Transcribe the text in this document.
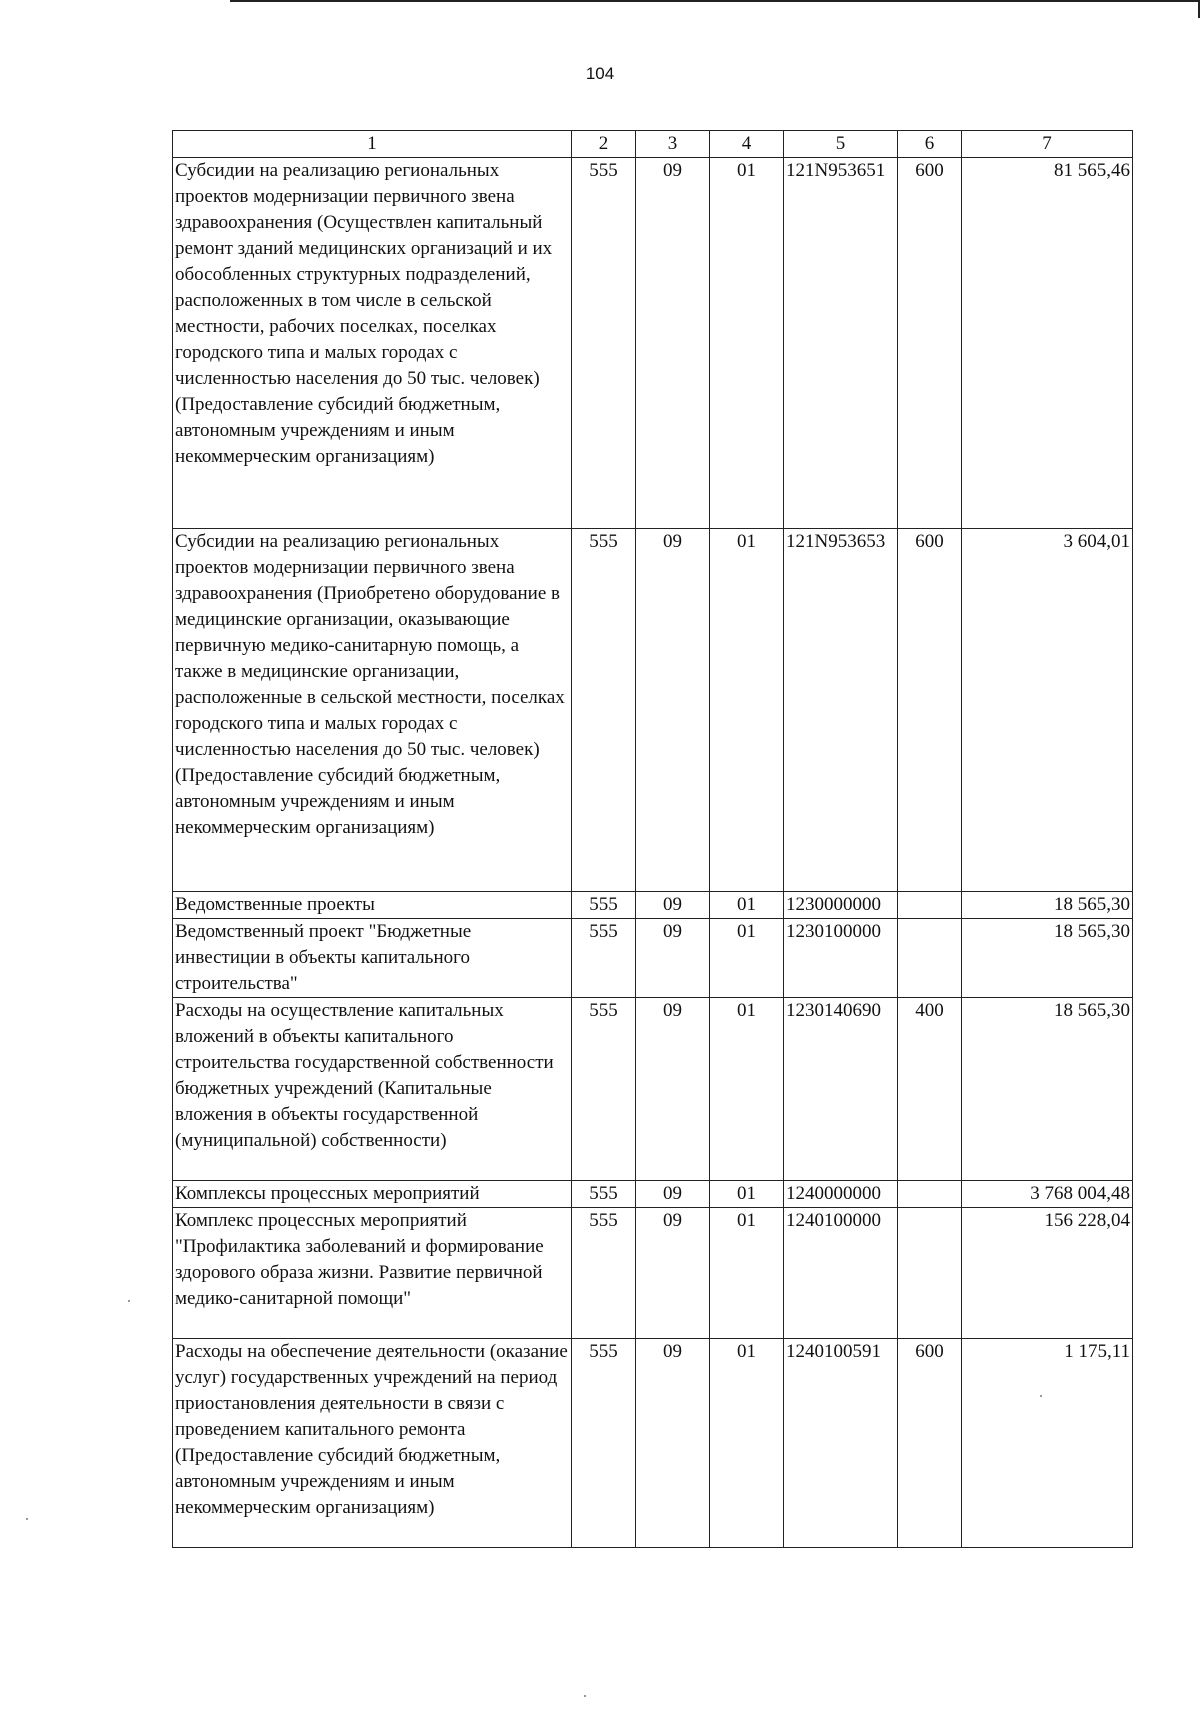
104
1	2	3	4	5	6	7
Субсидии на реализацию региональных проектов модернизации первичного звена здравоохранения (Осуществлен капитальный ремонт зданий медицинских организаций и их обособленных структурных подразделений, расположенных в том числе в сельской местности, рабочих поселках, поселках городского типа и малых городах с численностью населения до 50 тыс. человек) (Предоставление субсидий бюджетным, автономным учреждениям и иным некоммерческим организациям)	555	09	01	121N953651	600	81 565,46
Субсидии на реализацию региональных проектов модернизации первичного звена здравоохранения (Приобретено оборудование в медицинские организации, оказывающие первичную медико-санитарную помощь, а также в медицинские организации, расположенные в сельской местности, поселках городского типа и малых городах с численностью населения до 50 тыс. человек) (Предоставление субсидий бюджетным, автономным учреждениям и иным некоммерческим организациям)	555	09	01	121N953653	600	3 604,01
Ведомственные проекты	555	09	01	1230000000		18 565,30
Ведомственный проект "Бюджетные инвестиции в объекты капитального строительства"	555	09	01	1230100000		18 565,30
Расходы на осуществление капитальных вложений в объекты капитального строительства государственной собственности бюджетных учреждений (Капитальные вложения в объекты государственной (муниципальной) собственности)	555	09	01	1230140690	400	18 565,30
Комплексы процессных мероприятий	555	09	01	1240000000		3 768 004,48
Комплекс процессных мероприятий "Профилактика заболеваний и формирование здорового образа жизни. Развитие первичной медико-санитарной помощи"	555	09	01	1240100000		156 228,04
Расходы на обеспечение деятельности (оказание услуг) государственных учреждений на период приостановления деятельности в связи с проведением капитального ремонта (Предоставление субсидий бюджетным, автономным учреждениям и иным некоммерческим организациям)	555	09	01	1240100591	600	1 175,11
